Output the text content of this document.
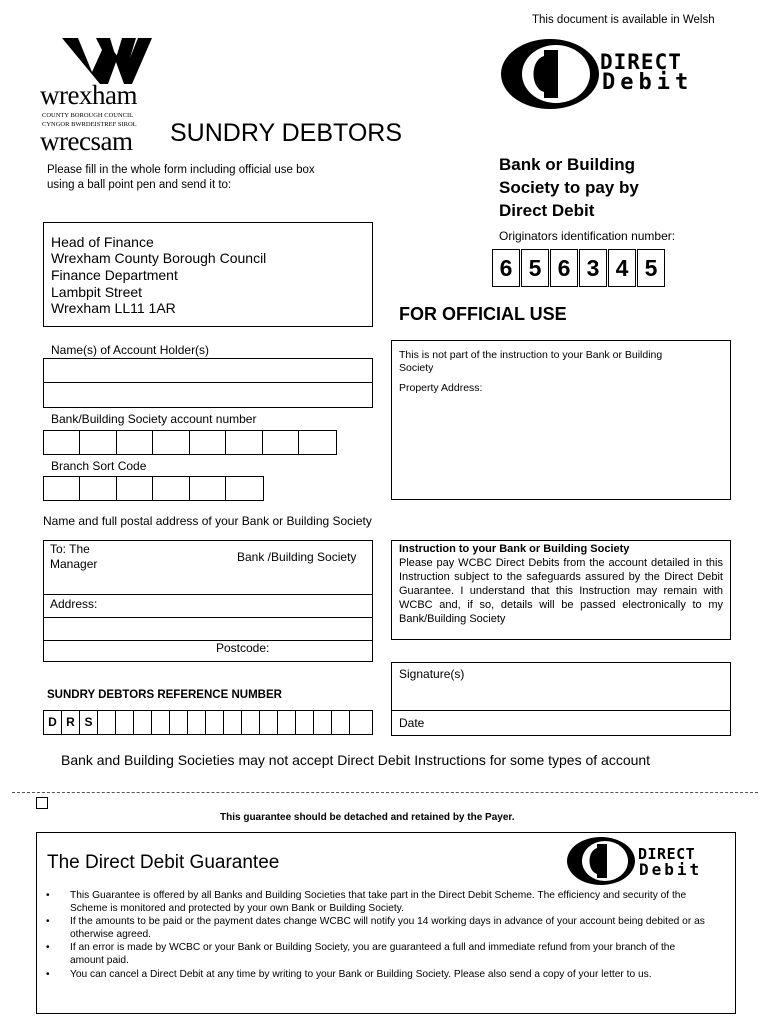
This document is available in Welsh
wrexham
COUNTY BOROUGH COUNCIL
CYNGOR BWRDEISTREF SIROL
wrecsam SUNDRY DEBTORS
DIRECT
Debit
Please fill in the whole form including official use box
using a ball point pen and send it to:
Head of Finance
Wrexham County Borough Council
Finance Department
Lambpit Street
Wrexham LL11 1AR
Bank or Building
Society to pay by
Direct Debit
Originators identification number:
6 5 6 3 4 5
FOR OFFICIAL USE
This is not part of the instruction to your Bank or Building
Society
Property Address:
Name(s) of Account Holder(s)
Bank/Building Society account number
Branch Sort Code
Name and full postal address of your Bank or Building Society
To: The
Manager	Bank /Building Society
Address:
Postcode:
Instruction to your Bank or Building Society
Please pay WCBC Direct Debits from the account detailed in this Instruction subject to the safeguards assured by the Direct Debit Guarantee. I understand that this Instruction may remain with WCBC and, if so, details will be passed electronically to my Bank/Building Society
Signature(s)
Date
SUNDRY DEBTORS REFERENCE NUMBER
D R S
Bank and Building Societies may not accept Direct Debit Instructions for some types of account
This guarantee should be detached and retained by the Payer.
The Direct Debit Guarantee	DIRECT
Debit
• This Guarantee is offered by all Banks and Building Societies that take part in the Direct Debit Scheme. The efficiency and security of the Scheme is monitored and protected by your own Bank or Building Society.
• If the amounts to be paid or the payment dates change WCBC will notify you 14 working days in advance of your account being debited or as otherwise agreed.
• If an error is made by WCBC or your Bank or Building Society, you are guaranteed a full and immediate refund from your branch of the amount paid.
• You can cancel a Direct Debit at any time by writing to your Bank or Building Society. Please also send a copy of your letter to us.
